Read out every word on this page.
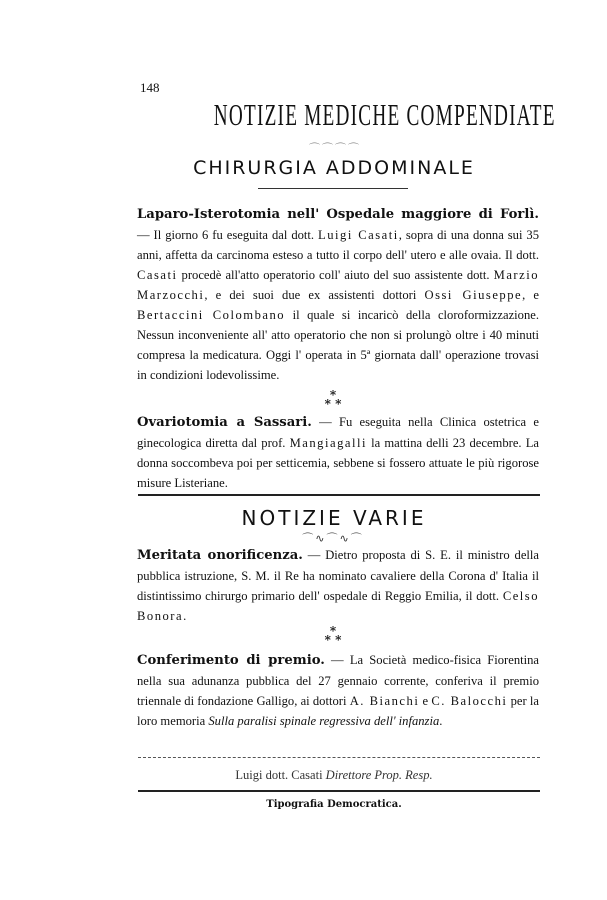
148
NOTIZIE MEDICHE COMPENDIATE
⌒⌒⌒⌒
CHIRURGIA ADDOMINALE

Laparo-Isterotomia nell' Ospedale maggiore di Forlì. — Il giorno 6 fu eseguita dal dott. Luigi Casati, sopra di una donna sui 35 anni, affetta da carcinoma esteso a tutto il corpo dell' utero e alle ovaia. Il dott. Casati procedè all'atto operatorio coll' aiuto del suo assistente dott. Marzio Marzocchi, e dei suoi due ex assistenti dottori Ossi Giuseppe, e Bertaccini Colombano il quale si incaricò della cloroformizzazione. Nessun inconveniente all' atto operatorio che non si prolungò oltre i 40 minuti compresa la medicatura. Oggi l' operata in 5ª giornata dall' operazione trovasi in condizioni lodevolissime.

*
* *

Ovariotomia a Sassari. — Fu eseguita nella Clinica ostetrica e ginecologica diretta dal prof. Mangiagalli la mattina delli 23 decembre. La donna soccombeva poi per setticemia, sebbene si fossero attuate le più rigorose misure Listeriane.

NOTIZIE VARIE
⌒∿⌒∿⌒

Meritata onorificenza. — Dietro proposta di S. E. il ministro della pubblica istruzione, S. M. il Re ha nominato cavaliere della Corona d' Italia il distintissimo chirurgo primario dell' ospedale di Reggio Emilia, il dott. Celso Bonora.

*
* *

Conferimento di premio. — La Società medico-fisica Fiorentina nella sua adunanza pubblica del 27 gennaio corrente, conferiva il premio triennale di fondazione Galligo, ai dottori A. Bianchi e C. Balocchi per la loro memoria Sulla paralisi spinale regressiva dell' infanzia.

Luigi dott. Casati Direttore Prop. Resp.
Tipografia Democratica.
